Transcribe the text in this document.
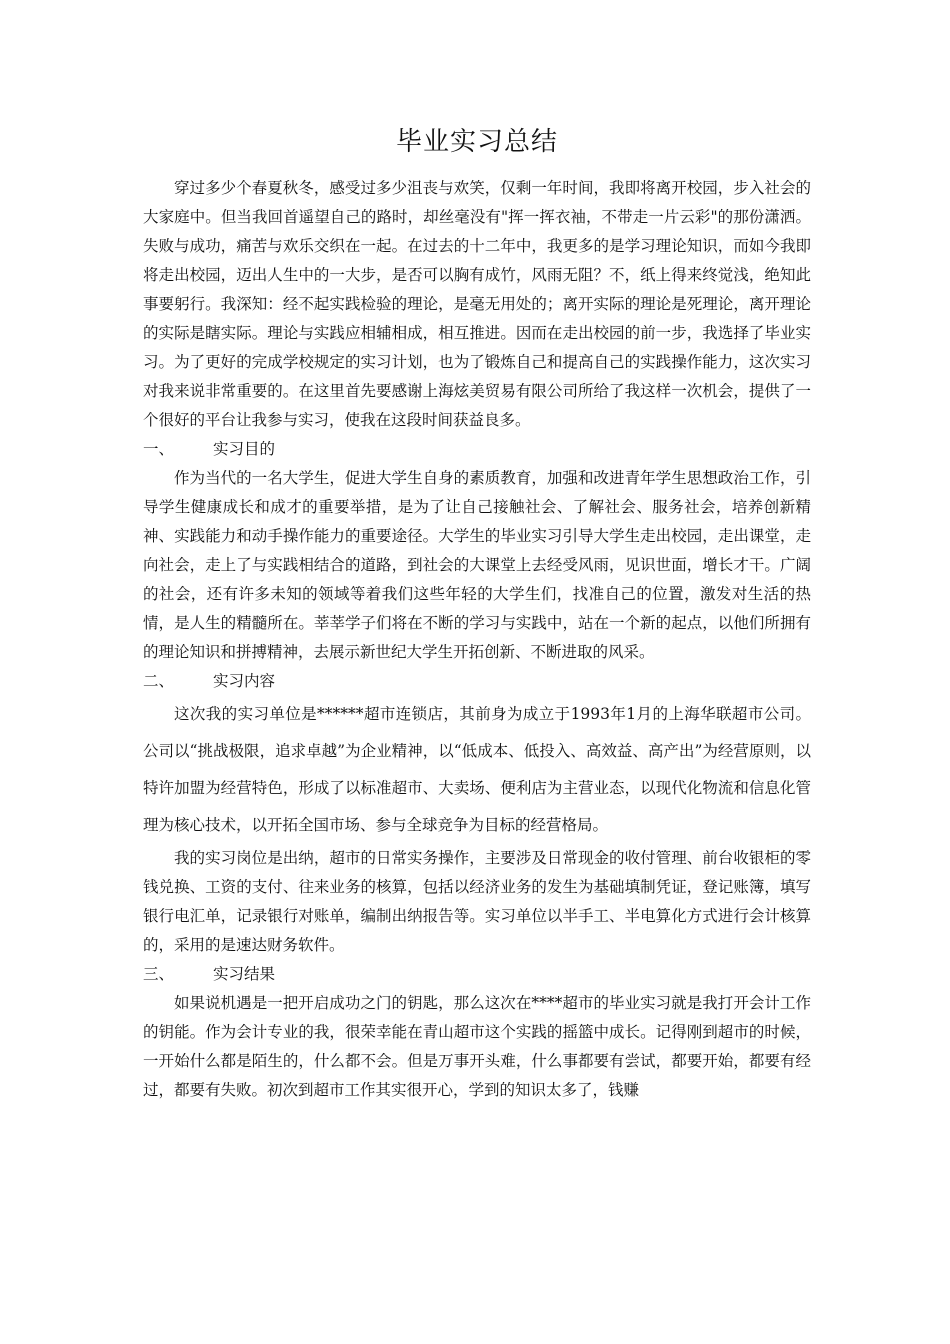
毕业实习总结

穿过多少个春夏秋冬，感受过多少沮丧与欢笑，仅剩一年时间，我即将离开校园，步入社会的大家庭中。但当我回首遥望自己的路时，却丝毫没有"挥一挥衣袖，不带走一片云彩"的那份潇洒。失败与成功，痛苦与欢乐交织在一起。在过去的十二年中，我更多的是学习理论知识，而如今我即将走出校园，迈出人生中的一大步，是否可以胸有成竹，风雨无阻？不，纸上得来终觉浅，绝知此事要躬行。我深知：经不起实践检验的理论，是毫无用处的；离开实际的理论是死理论，离开理论的实际是瞎实际。理论与实践应相辅相成，相互推进。因而在走出校园的前一步，我选择了毕业实习。为了更好的完成学校规定的实习计划，也为了锻炼自己和提高自己的实践操作能力，这次实习对我来说非常重要的。在这里首先要感谢上海炫美贸易有限公司所给了我这样一次机会，提供了一个很好的平台让我参与实习，使我在这段时间获益良多。

一、	实习目的

作为当代的一名大学生，促进大学生自身的素质教育，加强和改进青年学生思想政治工作，引导学生健康成长和成才的重要举措，是为了让自己接触社会、了解社会、服务社会，培养创新精神、实践能力和动手操作能力的重要途径。大学生的毕业实习引导大学生走出校园，走出课堂，走向社会，走上了与实践相结合的道路，到社会的大课堂上去经受风雨，见识世面，增长才干。广阔的社会，还有许多未知的领域等着我们这些年轻的大学生们，找准自己的位置，激发对生活的热情，是人生的精髓所在。莘莘学子们将在不断的学习与实践中，站在一个新的起点，以他们所拥有的理论知识和拼搏精神，去展示新世纪大学生开拓创新、不断进取的风采。

二、	实习内容

这次我的实习单位是******超市连锁店，其前身为成立于1993年1月的上海华联超市公司。公司以“挑战极限，追求卓越”为企业精神，以“低成本、低投入、高效益、高产出”为经营原则，以特许加盟为经营特色，形成了以标准超市、大卖场、便利店为主营业态，以现代化物流和信息化管理为核心技术，以开拓全国市场、参与全球竞争为目标的经营格局。

我的实习岗位是出纳，超市的日常实务操作，主要涉及日常现金的收付管理、前台收银柜的零钱兑换、工资的支付、往来业务的核算，包括以经济业务的发生为基础填制凭证，登记账簿，填写银行电汇单，记录银行对账单，编制出纳报告等。实习单位以半手工、半电算化方式进行会计核算的，采用的是速达财务软件。

三、	实习结果

如果说机遇是一把开启成功之门的钥匙，那么这次在****超市的毕业实习就是我打开会计工作的钥能。作为会计专业的我，很荣幸能在青山超市这个实践的摇篮中成长。记得刚到超市的时候，一开始什么都是陌生的，什么都不会。但是万事开头难，什么事都要有尝试，都要开始，都要有经过，都要有失败。初次到超市工作其实很开心，学到的知识太多了，钱赚
